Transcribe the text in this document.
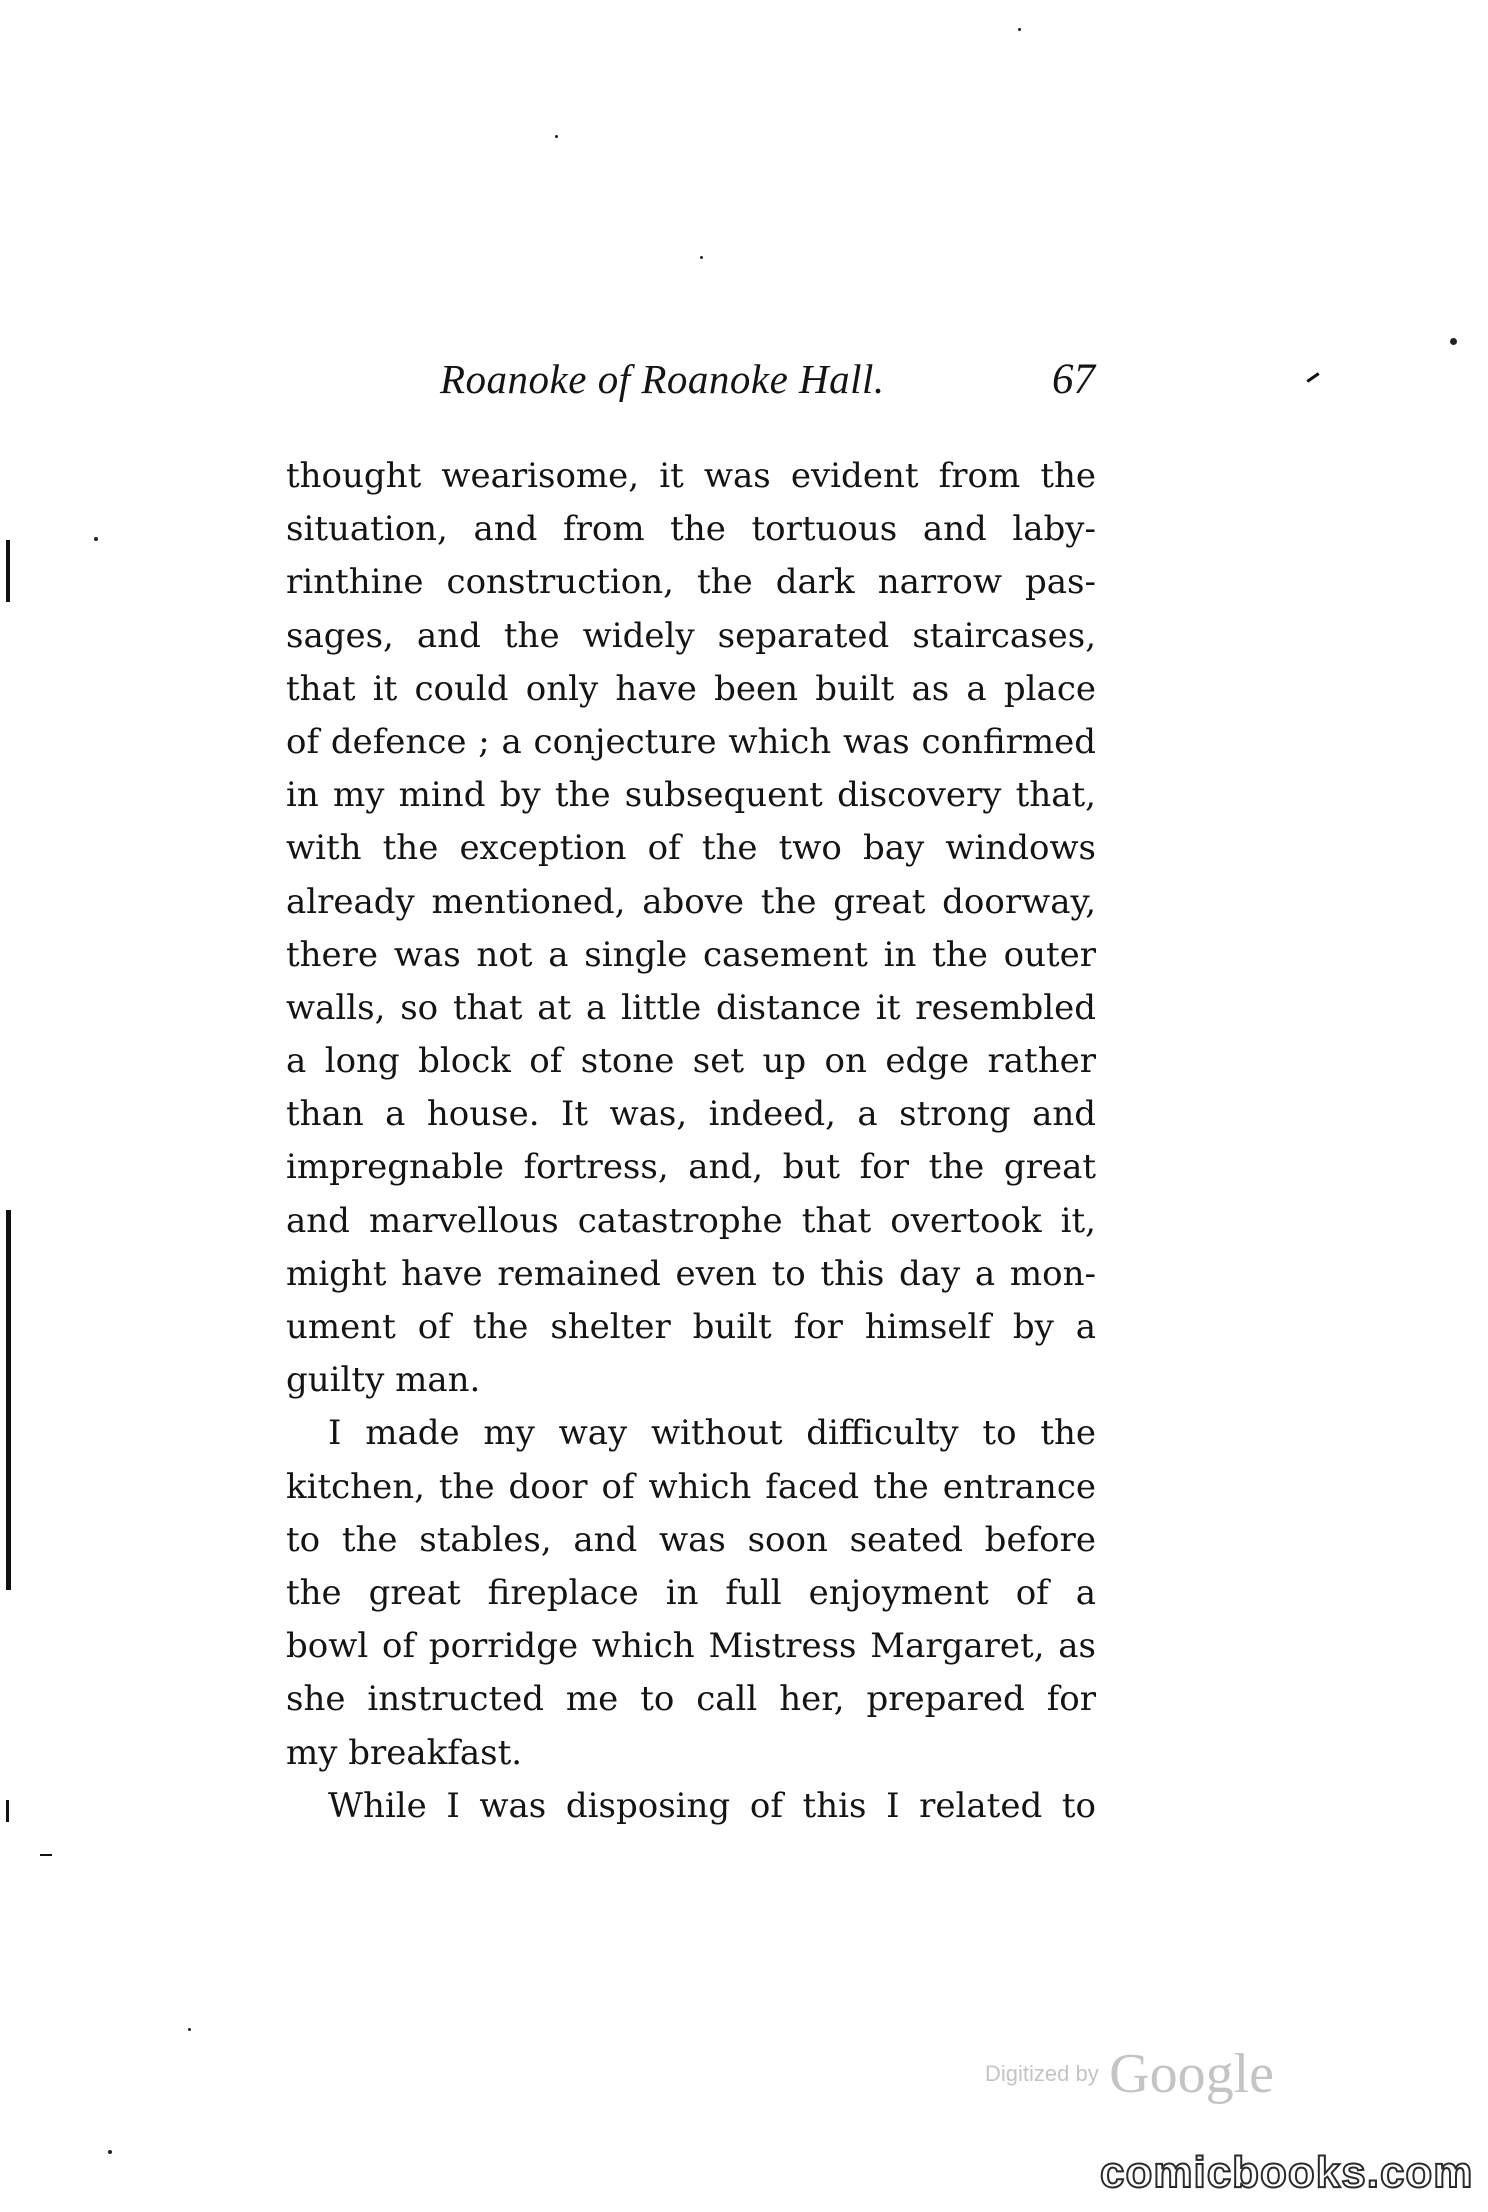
Roanoke of Roanoke Hall.	67
thought wearisome, it was evident from the
situation, and from the tortuous and laby-
rinthine construction, the dark narrow pas-
sages, and the widely separated staircases,
that it could only have been built as a place
of defence ; a conjecture which was confirmed
in my mind by the subsequent discovery that,
with the exception of the two bay windows
already mentioned, above the great doorway,
there was not a single casement in the outer
walls, so that at a little distance it resembled
a long block of stone set up on edge rather
than a house. It was, indeed, a strong and
impregnable fortress, and, but for the great
and marvellous catastrophe that overtook it,
might have remained even to this day a mon-
ument of the shelter built for himself by a
guilty man.
I made my way without difficulty to the
kitchen, the door of which faced the entrance
to the stables, and was soon seated before
the great fireplace in full enjoyment of a
bowl of porridge which Mistress Margaret, as
she instructed me to call her, prepared for
my breakfast.
While I was disposing of this I related to
Digitized by Google
comicbooks.com
